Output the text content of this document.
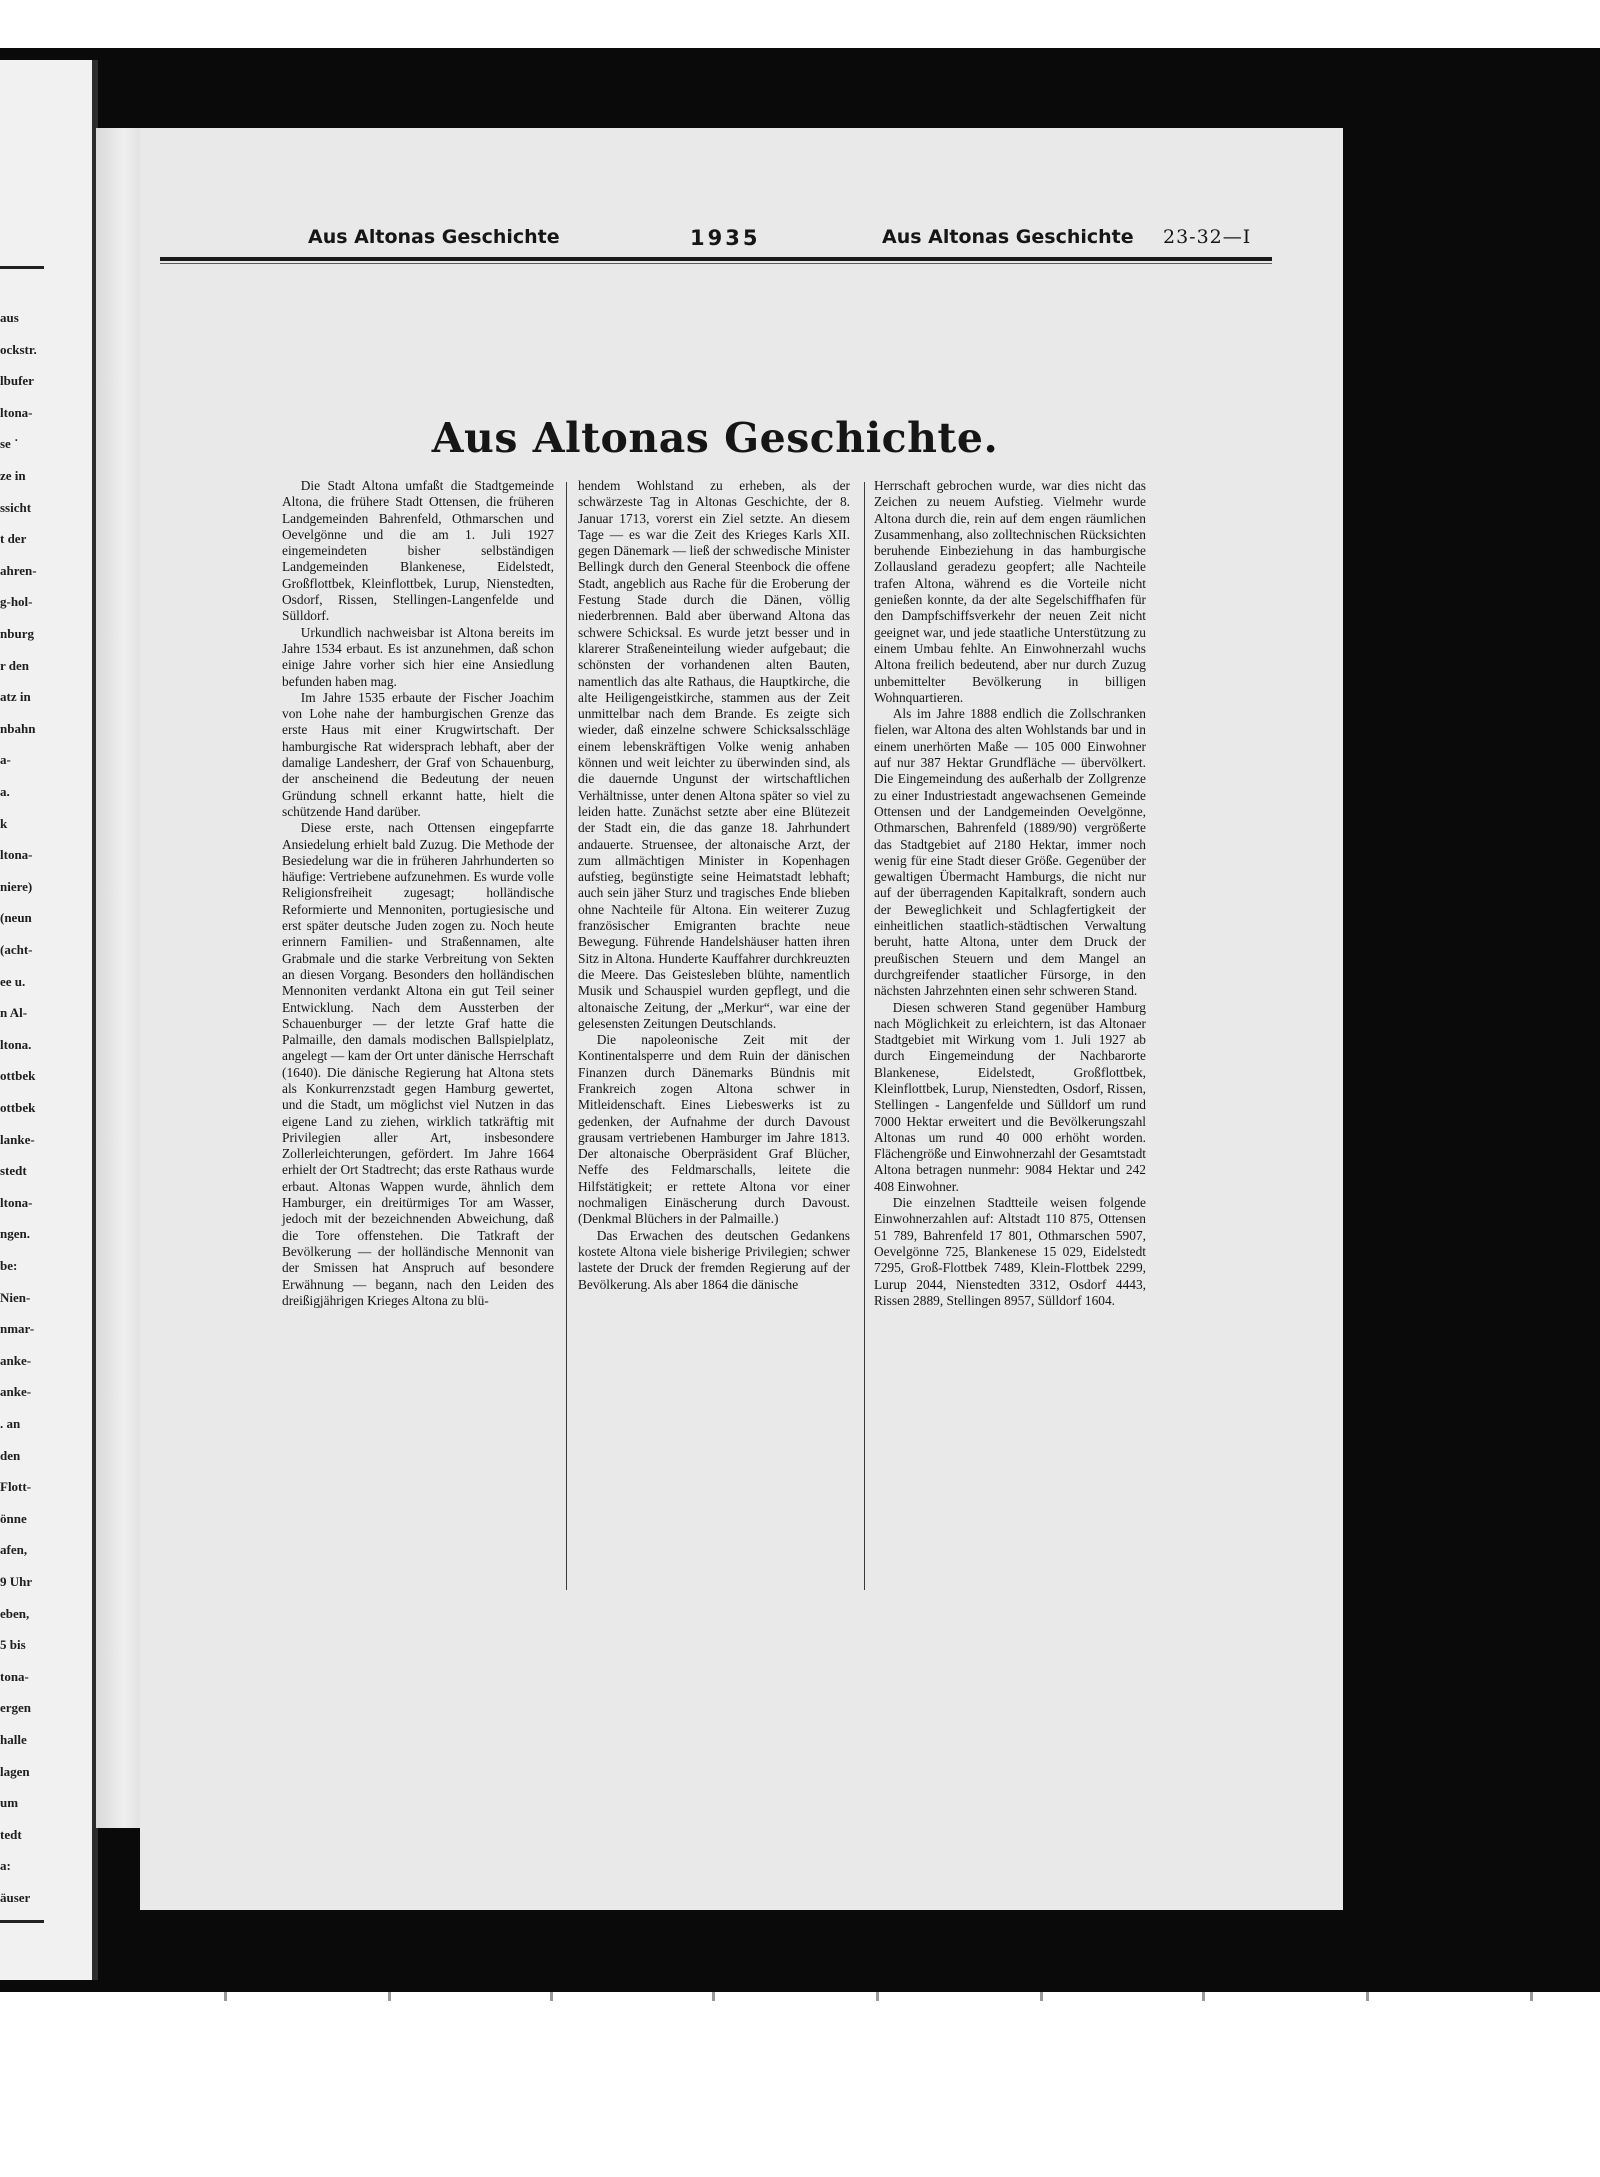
aus
ockstr.
lbufer
ltona-
se ˙
ze in
ssicht
t der
ahren-
g-hol-
nburg
r den
atz in
nbahn
a-
a.
k
ltona-
niere)
(neun
(acht-
ee u.
n Al-
ltona.
ottbek
ottbek
lanke-
stedt
ltona-
ngen.
be:
Nien-
nmar-
anke-
anke-
. an
den
Flott-
önne
afen,
9 Uhr
eben,
5 bis
tona-
ergen
halle
lagen
um
tedt
a:
äuser
Aus Altonas Geschichte	1935	Aus Altonas Geschichte 23-32—I
Aus Altonas Geschichte.

Die Stadt Altona umfaßt die Stadtgemeinde Altona, die frühere Stadt Ottensen, die früheren Landgemeinden Bahrenfeld, Othmarschen und Oevelgönne und die am 1. Juli 1927 eingemeindeten bisher selbständigen Landgemeinden Blankenese, Eidelstedt, Großflottbek, Kleinflottbek, Lurup, Nienstedten, Osdorf, Rissen, Stellingen-Langenfelde und Sülldorf.

Urkundlich nachweisbar ist Altona bereits im Jahre 1534 erbaut. Es ist anzunehmen, daß schon einige Jahre vorher sich hier eine Ansiedlung befunden haben mag.

Im Jahre 1535 erbaute der Fischer Joachim von Lohe nahe der hamburgischen Grenze das erste Haus mit einer Krugwirtschaft. Der hamburgische Rat widersprach lebhaft, aber der damalige Landesherr, der Graf von Schauenburg, der anscheinend die Bedeutung der neuen Gründung schnell erkannt hatte, hielt die schützende Hand darüber.

Diese erste, nach Ottensen eingepfarrte Ansiedelung erhielt bald Zuzug. Die Methode der Besiedelung war die in früheren Jahrhunderten so häufige: Vertriebene aufzunehmen. Es wurde volle Religionsfreiheit zugesagt; holländische Reformierte und Mennoniten, portugiesische und erst später deutsche Juden zogen zu. Noch heute erinnern Familien- und Straßennamen, alte Grabmale und die starke Verbreitung von Sekten an diesen Vorgang. Besonders den holländischen Mennoniten verdankt Altona ein gut Teil seiner Entwicklung. Nach dem Aussterben der Schauenburger — der letzte Graf hatte die Palmaille, den damals modischen Ballspielplatz, angelegt — kam der Ort unter dänische Herrschaft (1640). Die dänische Regierung hat Altona stets als Konkurrenzstadt gegen Hamburg gewertet, und die Stadt, um möglichst viel Nutzen in das eigene Land zu ziehen, wirklich tatkräftig mit Privilegien aller Art, insbesondere Zollerleichterungen, gefördert. Im Jahre 1664 erhielt der Ort Stadtrecht; das erste Rathaus wurde erbaut. Altonas Wappen wurde, ähnlich dem Hamburger, ein dreitürmiges Tor am Wasser, jedoch mit der bezeichnenden Abweichung, daß die Tore offenstehen. Die Tatkraft der Bevölkerung — der holländische Mennonit van der Smissen hat Anspruch auf besondere Erwähnung — begann, nach den Leiden des dreißigjährigen Krieges Altona zu blü-

hendem Wohlstand zu erheben, als der schwärzeste Tag in Altonas Geschichte, der 8. Januar 1713, vorerst ein Ziel setzte. An diesem Tage — es war die Zeit des Krieges Karls XII. gegen Dänemark — ließ der schwedische Minister Bellingk durch den General Steenbock die offene Stadt, angeblich aus Rache für die Eroberung der Festung Stade durch die Dänen, völlig niederbrennen. Bald aber überwand Altona das schwere Schicksal. Es wurde jetzt besser und in klarerer Straßeneinteilung wieder aufgebaut; die schönsten der vorhandenen alten Bauten, namentlich das alte Rathaus, die Hauptkirche, die alte Heiligengeistkirche, stammen aus der Zeit unmittelbar nach dem Brande. Es zeigte sich wieder, daß einzelne schwere Schicksalsschläge einem lebenskräftigen Volke wenig anhaben können und weit leichter zu überwinden sind, als die dauernde Ungunst der wirtschaftlichen Verhältnisse, unter denen Altona später so viel zu leiden hatte. Zunächst setzte aber eine Blütezeit der Stadt ein, die das ganze 18. Jahrhundert andauerte. Struensee, der altonaische Arzt, der zum allmächtigen Minister in Kopenhagen aufstieg, begünstigte seine Heimatstadt lebhaft; auch sein jäher Sturz und tragisches Ende blieben ohne Nachteile für Altona. Ein weiterer Zuzug französischer Emigranten brachte neue Bewegung. Führende Handelshäuser hatten ihren Sitz in Altona. Hunderte Kauffahrer durchkreuzten die Meere. Das Geistesleben blühte, namentlich Musik und Schauspiel wurden gepflegt, und die altonaische Zeitung, der „Merkur“, war eine der gelesensten Zeitungen Deutschlands.

Die napoleonische Zeit mit der Kontinentalsperre und dem Ruin der dänischen Finanzen durch Dänemarks Bündnis mit Frankreich zogen Altona schwer in Mitleidenschaft. Eines Liebeswerks ist zu gedenken, der Aufnahme der durch Davoust grausam vertriebenen Hamburger im Jahre 1813. Der altonaische Oberpräsident Graf Blücher, Neffe des Feldmarschalls, leitete die Hilfstätigkeit; er rettete Altona vor einer nochmaligen Einäscherung durch Davoust. (Denkmal Blüchers in der Palmaille.)

Das Erwachen des deutschen Gedankens kostete Altona viele bisherige Privilegien; schwer lastete der Druck der fremden Regierung auf der Bevölkerung. Als aber 1864 die dänische

Herrschaft gebrochen wurde, war dies nicht das Zeichen zu neuem Aufstieg. Vielmehr wurde Altona durch die, rein auf dem engen räumlichen Zusammenhang, also zolltechnischen Rücksichten beruhende Einbeziehung in das hamburgische Zollausland geradezu geopfert; alle Nachteile trafen Altona, während es die Vorteile nicht genießen konnte, da der alte Segelschiffhafen für den Dampfschiffsverkehr der neuen Zeit nicht geeignet war, und jede staatliche Unterstützung zu einem Umbau fehlte. An Einwohnerzahl wuchs Altona freilich bedeutend, aber nur durch Zuzug unbemittelter Bevölkerung in billigen Wohnquartieren.

Als im Jahre 1888 endlich die Zollschranken fielen, war Altona des alten Wohlstands bar und in einem unerhörten Maße — 105 000 Einwohner auf nur 387 Hektar Grundfläche — übervölkert. Die Eingemeindung des außerhalb der Zollgrenze zu einer Industriestadt angewachsenen Gemeinde Ottensen und der Landgemeinden Oevelgönne, Othmarschen, Bahrenfeld (1889/90) vergrößerte das Stadtgebiet auf 2180 Hektar, immer noch wenig für eine Stadt dieser Größe. Gegenüber der gewaltigen Übermacht Hamburgs, die nicht nur auf der überragenden Kapitalkraft, sondern auch der Beweglichkeit und Schlagfertigkeit der einheitlichen staatlich-städtischen Verwaltung beruht, hatte Altona, unter dem Druck der preußischen Steuern und dem Mangel an durchgreifender staatlicher Fürsorge, in den nächsten Jahrzehnten einen sehr schweren Stand.

Diesen schweren Stand gegenüber Hamburg nach Möglichkeit zu erleichtern, ist das Altonaer Stadtgebiet mit Wirkung vom 1. Juli 1927 ab durch Eingemeindung der Nachbarorte Blankenese, Eidelstedt, Großflottbek, Kleinflottbek, Lurup, Nienstedten, Osdorf, Rissen, Stellingen - Langenfelde und Sülldorf um rund 7000 Hektar erweitert und die Bevölkerungszahl Altonas um rund 40 000 erhöht worden. Flächengröße und Einwohnerzahl der Gesamtstadt Altona betragen nunmehr: 9084 Hektar und 242 408 Einwohner.

Die einzelnen Stadtteile weisen folgende Einwohnerzahlen auf: Altstadt 110 875, Ottensen 51 789, Bahrenfeld 17 801, Othmarschen 5907, Oevelgönne 725, Blankenese 15 029, Eidelstedt 7295, Groß-Flottbek 7489, Klein-Flottbek 2299, Lurup 2044, Nienstedten 3312, Osdorf 4443, Rissen 2889, Stellingen 8957, Sülldorf 1604.
